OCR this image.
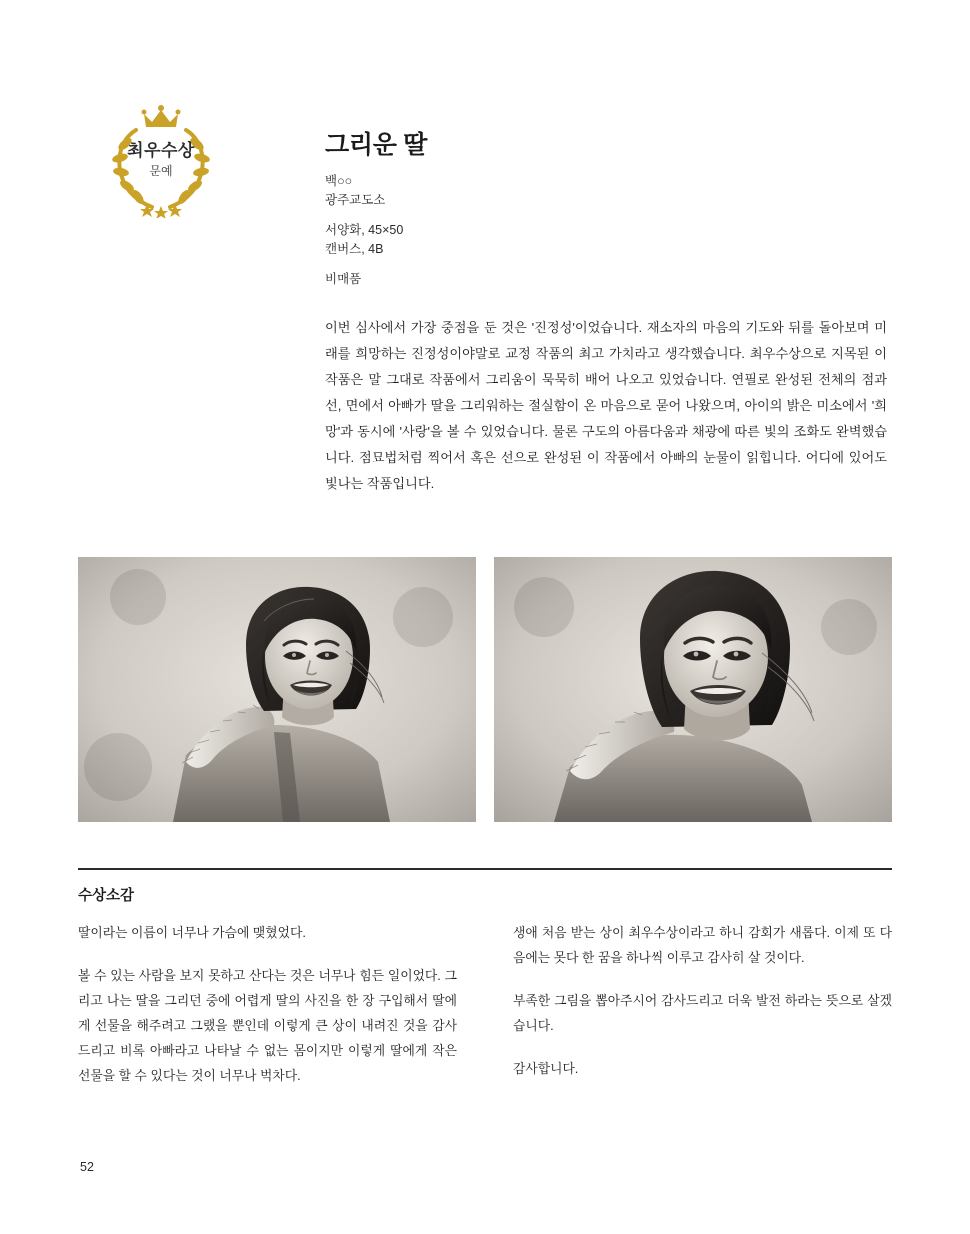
최우수상
문예
그리운 딸
백○○
광주교도소
서양화, 45×50
캔버스, 4B
비매품
이번 심사에서 가장 중점을 둔 것은 '진정성'이었습니다. 재소자의 마음의 기도와 뒤를 돌아보며 미래를 희망하는 진정성이야말로 교정 작품의 최고 가치라고 생각했습니다. 최우수상으로 지목된 이 작품은 말 그대로 작품에서 그리움이 묵묵히 배어 나오고 있었습니다. 연필로 완성된 전체의 점과 선, 면에서 아빠가 딸을 그리워하는 절실함이 온 마음으로 묻어 나왔으며, 아이의 밝은 미소에서 '희망'과 동시에 '사랑'을 볼 수 있었습니다. 물론 구도의 아름다움과 채광에 따른 빛의 조화도 완벽했습니다. 점묘법처럼 찍어서 혹은 선으로 완성된 이 작품에서 아빠의 눈물이 읽힙니다. 어디에 있어도 빛나는 작품입니다.
수상소감

딸이라는 이름이 너무나 가슴에 맺혔었다.

볼 수 있는 사람을 보지 못하고 산다는 것은 너무나 힘든 일이었다. 그리고 나는 딸을 그리던 중에 어렵게 딸의 사진을 한 장 구입해서 딸에게 선물을 해주려고 그랬을 뿐인데 이렇게 큰 상이 내려진 것을 감사드리고 비록 아빠라고 나타날 수 없는 몸이지만 이렇게 딸에게 작은 선물을 할 수 있다는 것이 너무나 벅차다.

생애 처음 받는 상이 최우수상이라고 하니 감회가 새롭다. 이제 또 다음에는 못다 한 꿈을 하나씩 이루고 감사히 살 것이다.

부족한 그림을 뽑아주시어 감사드리고 더욱 발전 하라는 뜻으로 살겠습니다.

감사합니다.

52
